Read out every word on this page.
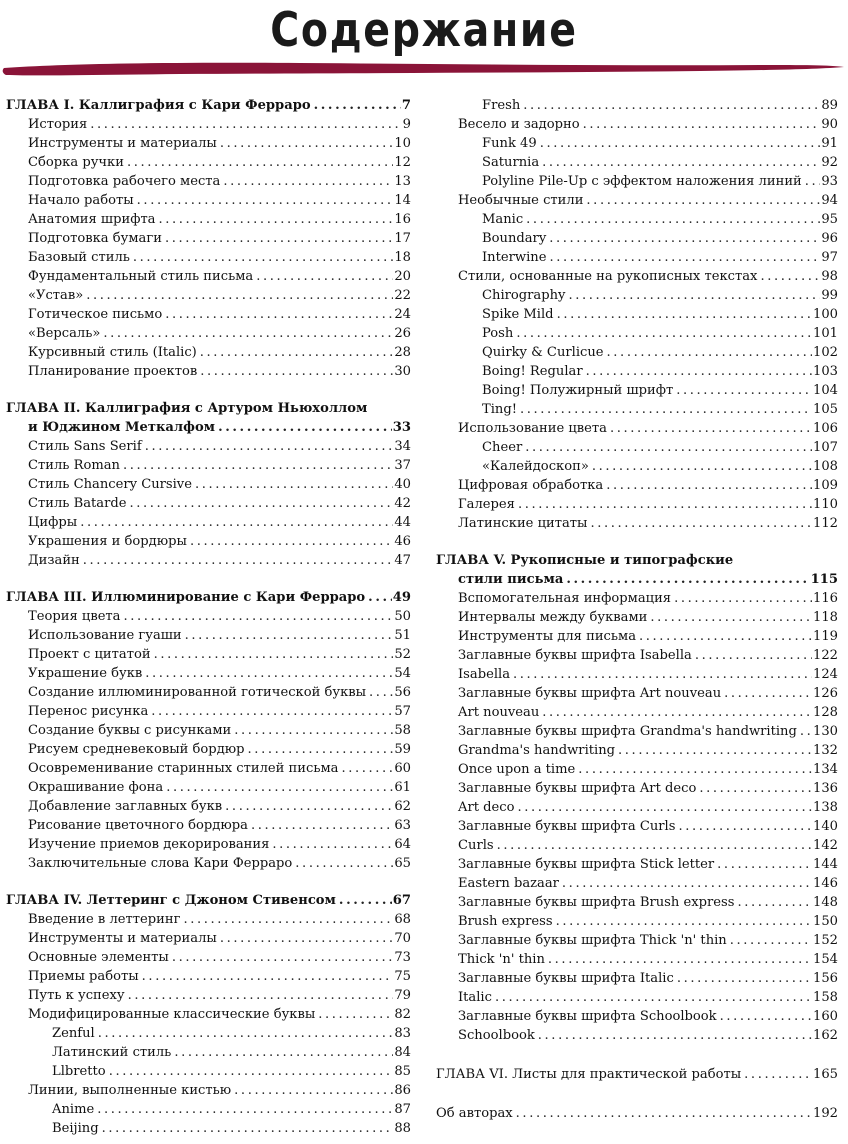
Содержание
ГЛАВА I. Каллиграфия с Кари Ферраро .....	7
История .....	9
Инструменты и материалы .....	10
Сборка ручки .....	12
Подготовка рабочего места .....	13
Начало работы .....	14
Анатомия шрифта .....	16
Подготовка бумаги .....	17
Базовый стиль .....	18
Фундаментальный стиль письма .....	20
«Устав» .....	22
Готическое письмо .....	24
«Версаль» .....	26
Курсивный стиль (Italic) .....	28
Планирование проектов .....	30
ГЛАВА II. Каллиграфия с Артуром Ньюхоллом
и Юджином Меткалфом .....	33
Стиль Sans Serif .....	34
Стиль Roman .....	37
Стиль Chancery Cursive .....	40
Стиль Batarde .....	42
Цифры .....	44
Украшения и бордюры .....	46
Дизайн .....	47
ГЛАВА III. Иллюминирование с Кари Ферраро ..... 49
Теория цвета .....	50
Использование гуаши .....	51
Проект с цитатой .....	52
Украшение букв .....	54
Создание иллюминированной готической буквы ..... 56
Перенос рисунка .....	57
Создание буквы с рисунками .....	58
Рисуем средневековый бордюр .....	59
Осовременивание старинных стилей письма .....	60
Окрашивание фона .....	61
Добавление заглавных букв .....	62
Рисование цветочного бордюра .....	63
Изучение приемов декорирования .....	64
Заключительные слова Кари Ферраро .....	65
ГЛАВА IV. Леттеринг с Джоном Стивенсом .....	67
Введение в леттеринг .....	68
Инструменты и материалы .....	70
Основные элементы .....	73
Приемы работы .....	75
Путь к успеху .....	79
Модифицированные классические буквы .....	82
Zenful .....	83
Латинский стиль .....	84
Llbretto .....	85
Линии, выполненные кистью .....	86
Anime .....	87
Beijing .....	88
Fresh .....	89
Весело и задорно .....	90
Funk 49 .....	91
Saturnia .....	92
Polyline Pile-Up с эффектом наложения линий ..... 93
Необычные стили .....	94
Manic .....	95
Boundary .....	96
Interwine .....	97
Стили, основанные на рукописных текстах .....	98
Chirography .....	99
Spike Mild .....	100
Posh .....	101
Quirky & Curlicue .....	102
Boing! Regular .....	103
Boing! Полужирный шрифт .....	104
Ting! .....	105
Использование цвета .....	106
Cheer .....	107
«Калейдоскоп» .....	108
Цифровая обработка .....	109
Галерея .....	110
Латинские цитаты .....	112
ГЛАВА V. Рукописные и типографские
стили письма .....	115
Вспомогательная информация .....	116
Интервалы между буквами .....	118
Инструменты для письма .....	119
Заглавные буквы шрифта Isabella .....	122
Isabella .....	124
Заглавные буквы шрифта Art nouveau .....	126
Art nouveau .....	128
Заглавные буквы шрифта Grandma's handwriting ..... 130
Grandma's handwriting .....	132
Once upon a time .....	134
Заглавные буквы шрифта Art deco .....	136
Art deco .....	138
Заглавные буквы шрифта Curls .....	140
Curls .....	142
Заглавные буквы шрифта Stick letter .....	144
Eastern bazaar .....	146
Заглавные буквы шрифта Brush express .....	148
Brush express .....	150
Заглавные буквы шрифта Thick 'n' thin .....	152
Thick 'n' thin .....	154
Заглавные буквы шрифта Italic .....	156
Italic .....	158
Заглавные буквы шрифта Schoolbook .....	160
Schoolbook .....	162
ГЛАВА VI. Листы для практической работы .....	165
Об авторах .....	192
